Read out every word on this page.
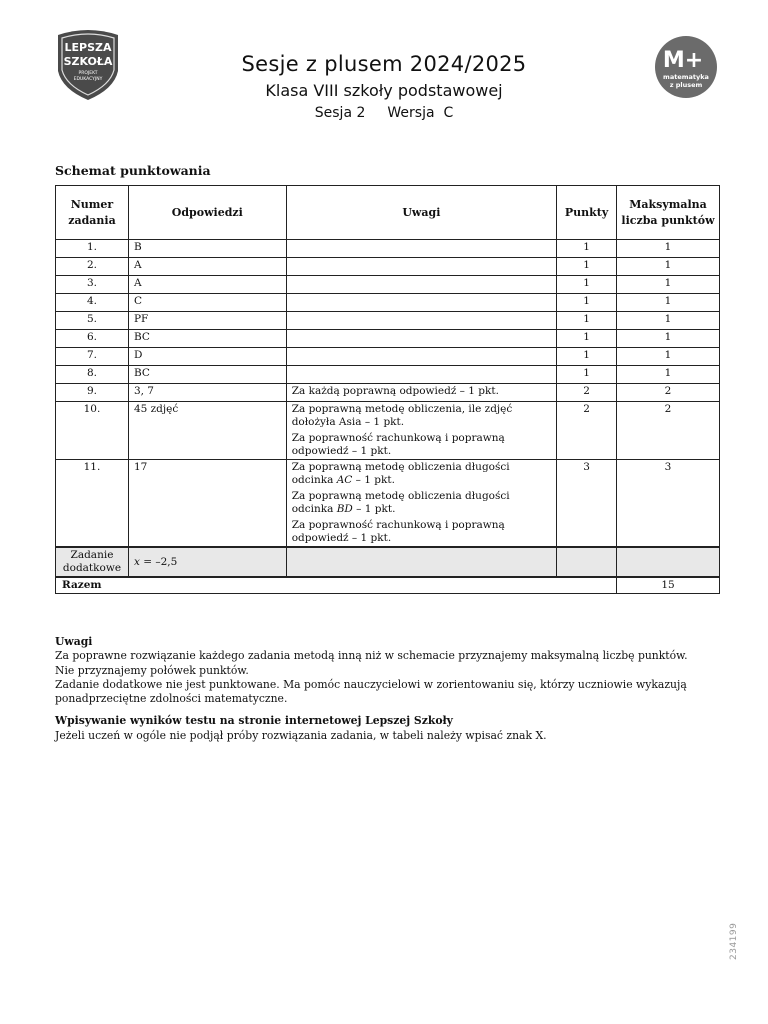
LEPSZA
SZKOŁA
PROJEKT
EDUKACYJNY
M+
matematyka
z plusem
Sesje z plusem 2024/2025
Klasa VIII szkoły podstawowej
Sesja 2 Wersja  C
Schemat punktowania
Numer zadania	Odpowiedzi	Uwagi	Punkty	Maksymalna liczba punktów
1.	B		1	1
2.	A		1	1
3.	A		1	1
4.	C		1	1
5.	PF		1	1
6.	BC		1	1
7.	D		1	1
8.	BC		1	1
9.	3, 7	Za każdą poprawną odpowiedź – 1 pkt.	2	2
10.	45 zdjęć	Za poprawną metodę obliczenia, ile zdjęć dołożyła Asia – 1 pkt.
Za poprawność rachunkową i poprawną odpowiedź – 1 pkt.	2	2
11.	17	Za poprawną metodę obliczenia długości odcinka AC – 1 pkt.
Za poprawną metodę obliczenia długości odcinka BD – 1 pkt.
Za poprawność rachunkową i poprawną odpowiedź – 1 pkt.	3	3
Zadanie dodatkowe	x = –2,5			
Razem				15
Uwagi
Za poprawne rozwiązanie każdego zadania metodą inną niż w schemacie przyznajemy maksymalną liczbę punktów.
Nie przyznajemy połówek punktów.
Zadanie dodatkowe nie jest punktowane. Ma pomóc nauczycielowi w zorientowaniu się, którzy uczniowie wykazują ponadprzeciętne zdolności matematyczne.
Wpisywanie wyników testu na stronie internetowej Lepszej Szkoły
Jeżeli uczeń w ogóle nie podjął próby rozwiązania zadania, w tabeli należy wpisać znak X.
234199
